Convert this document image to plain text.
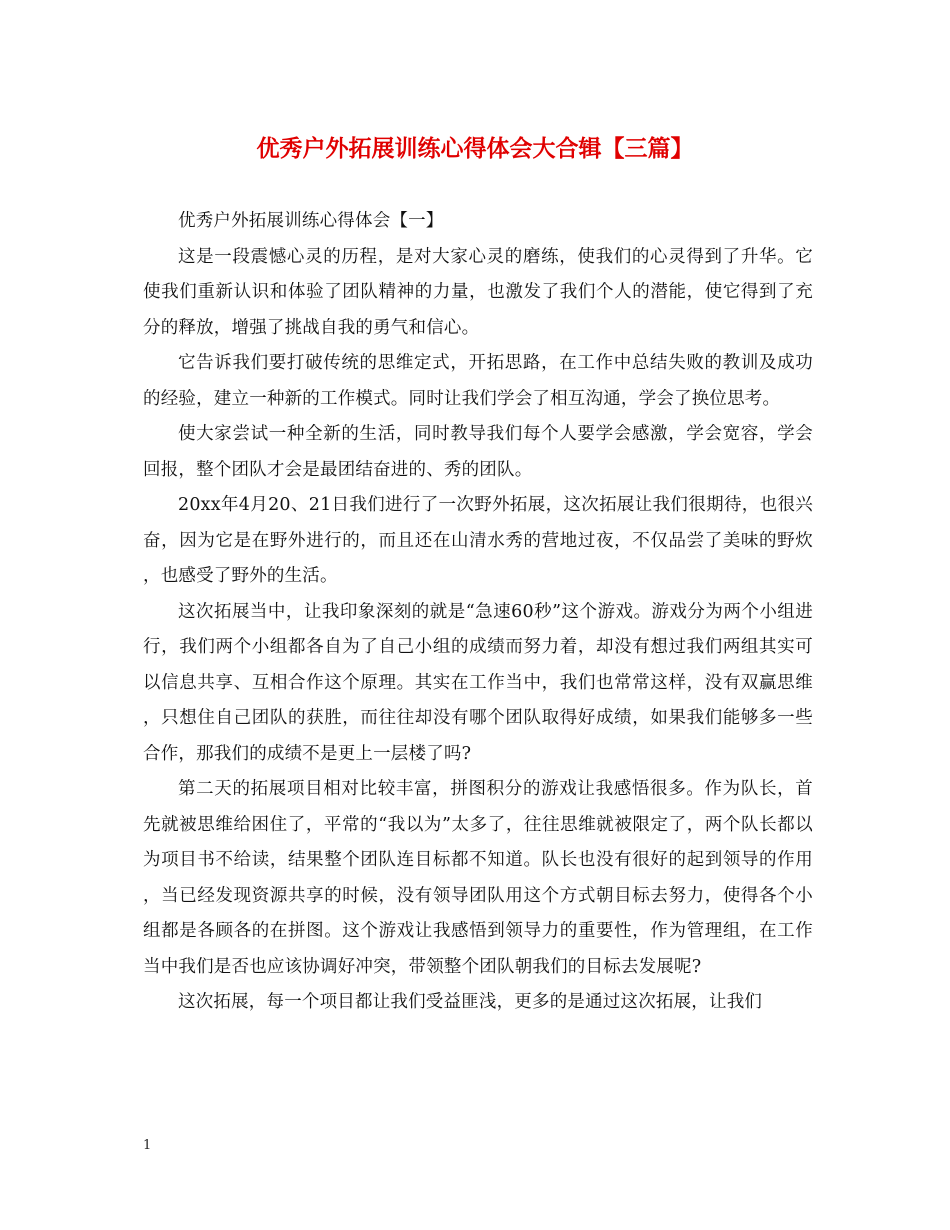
优秀户外拓展训练心得体会大合辑【三篇】

优秀户外拓展训练心得体会【一】

这是一段震憾心灵的历程，是对大家心灵的磨练，使我们的心灵得到了升华。它使我们重新认识和体验了团队精神的力量，也激发了我们个人的潜能，使它得到了充分的释放，增强了挑战自我的勇气和信心。

它告诉我们要打破传统的思维定式，开拓思路，在工作中总结失败的教训及成功的经验，建立一种新的工作模式。同时让我们学会了相互沟通，学会了换位思考。

使大家尝试一种全新的生活，同时教导我们每个人要学会感激，学会宽容，学会回报，整个团队才会是最团结奋进的、秀的团队。

20xx年4月20、21日我们进行了一次野外拓展，这次拓展让我们很期待，也很兴奋，因为它是在野外进行的，而且还在山清水秀的营地过夜，不仅品尝了美味的野炊，也感受了野外的生活。

这次拓展当中，让我印象深刻的就是“急速60秒”这个游戏。游戏分为两个小组进行，我们两个小组都各自为了自己小组的成绩而努力着，却没有想过我们两组其实可以信息共享、互相合作这个原理。其实在工作当中，我们也常常这样，没有双赢思维，只想住自己团队的获胜，而往往却没有哪个团队取得好成绩，如果我们能够多一些合作，那我们的成绩不是更上一层楼了吗?

第二天的拓展项目相对比较丰富，拼图积分的游戏让我感悟很多。作为队长，首先就被思维给困住了，平常的“我以为”太多了，往往思维就被限定了，两个队长都以为项目书不给读，结果整个团队连目标都不知道。队长也没有很好的起到领导的作用，当已经发现资源共享的时候，没有领导团队用这个方式朝目标去努力，使得各个小组都是各顾各的在拼图。这个游戏让我感悟到领导力的重要性，作为管理组，在工作当中我们是否也应该协调好冲突，带领整个团队朝我们的目标去发展呢?

这次拓展，每一个项目都让我们受益匪浅，更多的是通过这次拓展，让我们

1
